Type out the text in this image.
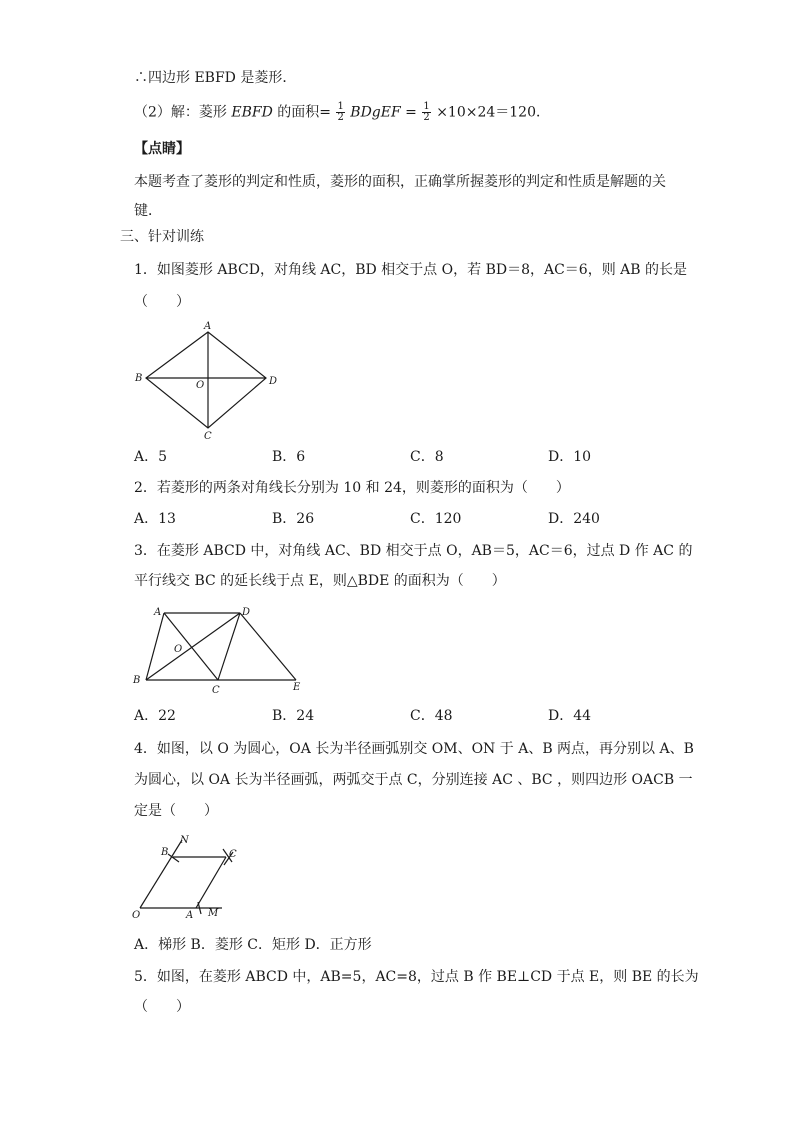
∴四边形 EBFD 是菱形．
（2）解：菱形 EBFD 的面积= $\frac{1}{2}$ BDgEF = $\frac{1}{2} \times 10\times 24=120$．
【点睛】
本题考查了菱形的判定和性质，菱形的面积，正确掌所握菱形的判定和性质是解题的关
键．
三、针对训练
1．如图菱形 ABCD，对角线 AC，BD 相交于点 O，若 BD＝8，AC＝6，则 AB 的长是
（　　）
A
B
C
D
O
A．5	B．6	C．8	D．10
2．若菱形的两条对角线长分别为 10 和 24，则菱形的面积为（　　）
A．13	B．26	C．120	D．240
3．在菱形 ABCD 中，对角线 AC、BD 相交于点 O，AB＝5，AC＝6，过点 D 作 AC 的
平行线交 BC 的延长线于点 E，则△BDE 的面积为（　　）
A	D
O
B
C	E
A．22	B．24	C．48	D．44
4．如图，以 O 为圆心，OA 长为半径画弧别交 OM、ON 于 A、B 两点，再分别以 A、B
为圆心，以 OA 长为半径画弧，两弧交于点 C，分别连接 AC 、BC ，则四边形 OACB 一
定是（　　）
O	A M
B
N
C
A．梯形 B．菱形 C．矩形 D．正方形
5．如图，在菱形 ABCD 中，AB=5，AC=8，过点 B 作 BE⊥CD 于点 E，则 BE 的长为
（　　）
